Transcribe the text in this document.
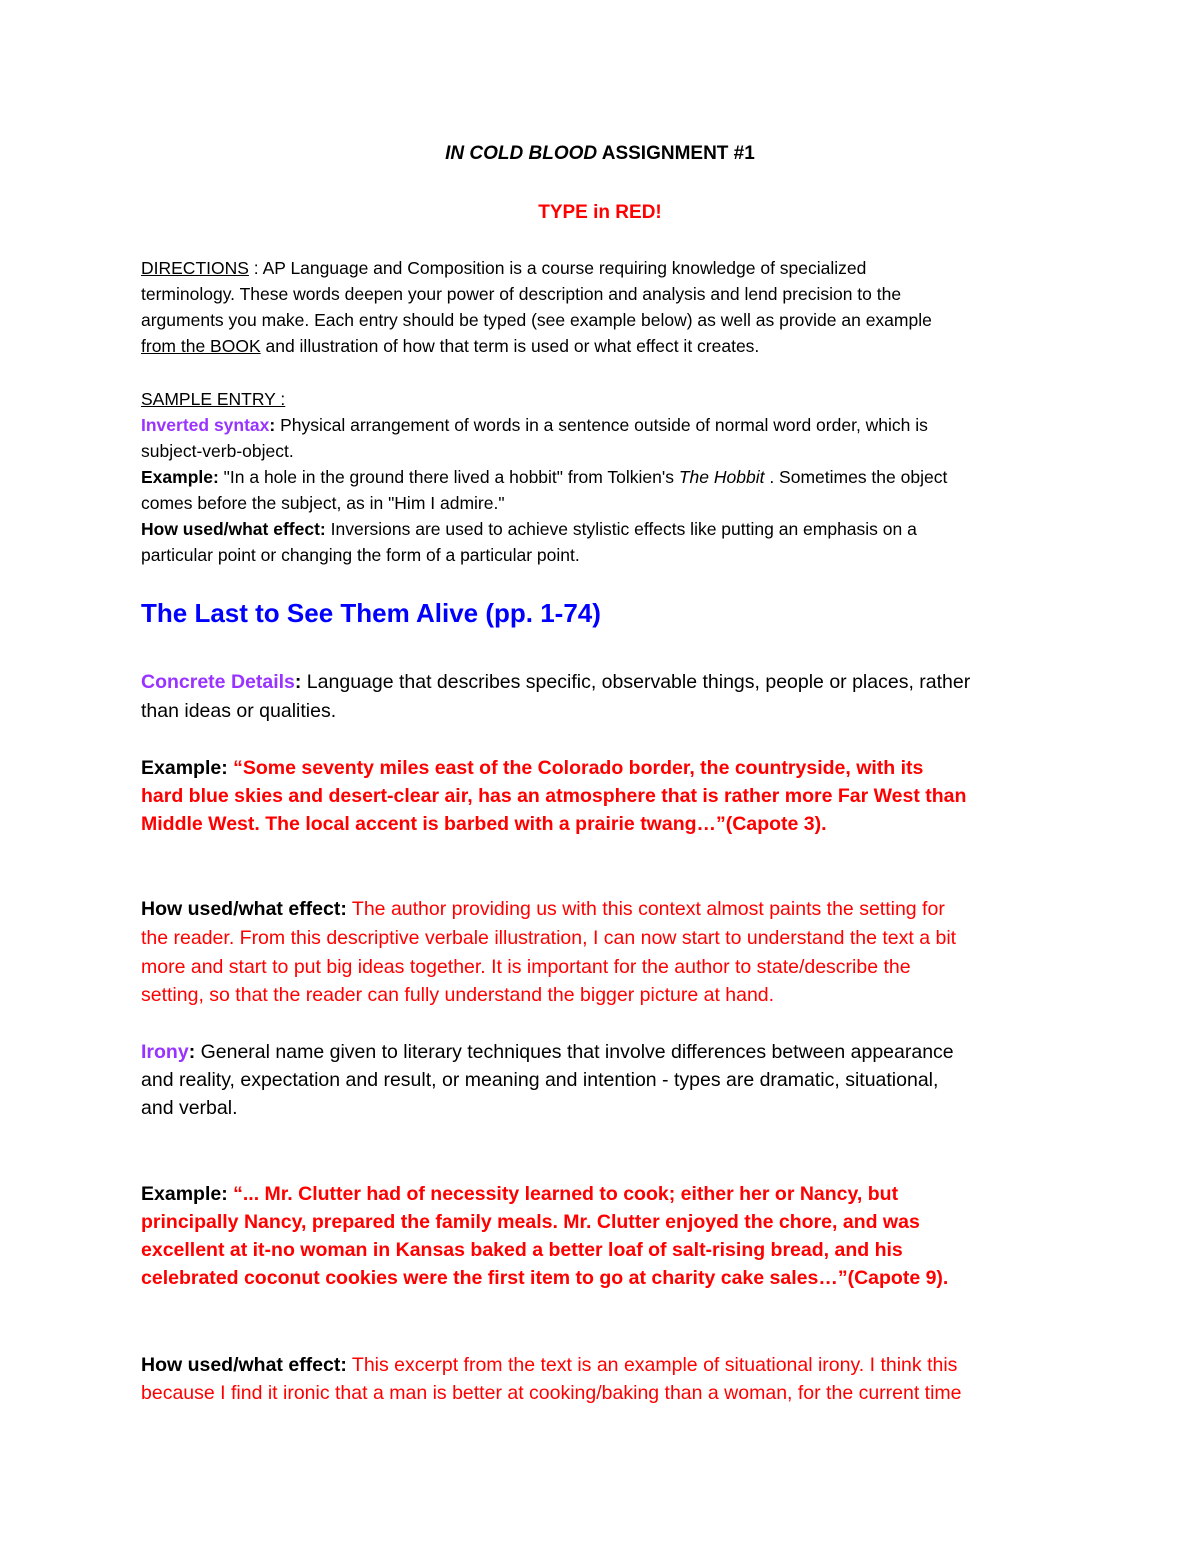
IN COLD BLOOD ASSIGNMENT #1
TYPE in RED!
DIRECTIONS : AP Language and Composition is a course requiring knowledge of specialized
terminology. These words deepen your power of description and analysis and lend precision to the
arguments you make. Each entry should be typed (see example below) as well as provide an example
from the BOOK and illustration of how that term is used or what effect it creates.
SAMPLE ENTRY :
Inverted syntax: Physical arrangement of words in a sentence outside of normal word order, which is
subject-verb-object.
Example: "In a hole in the ground there lived a hobbit" from Tolkien's The Hobbit . Sometimes the object
comes before the subject, as in "Him I admire."
How used/what effect: Inversions are used to achieve stylistic effects like putting an emphasis on a
particular point or changing the form of a particular point.
The Last to See Them Alive (pp. 1-74)
Concrete Details: Language that describes specific, observable things, people or places, rather
than ideas or qualities.
Example: “Some seventy miles east of the Colorado border, the countryside, with its
hard blue skies and desert-clear air, has an atmosphere that is rather more Far West than
Middle West. The local accent is barbed with a prairie twang…”(Capote 3).
How used/what effect: The author providing us with this context almost paints the setting for
the reader. From this descriptive verbale illustration, I can now start to understand the text a bit
more and start to put big ideas together. It is important for the author to state/describe the
setting, so that the reader can fully understand the bigger picture at hand.
Irony: General name given to literary techniques that involve differences between appearance
and reality, expectation and result, or meaning and intention - types are dramatic, situational,
and verbal.
Example: “... Mr. Clutter had of necessity learned to cook; either her or Nancy, but
principally Nancy, prepared the family meals. Mr. Clutter enjoyed the chore, and was
excellent at it-no woman in Kansas baked a better loaf of salt-rising bread, and his
celebrated coconut cookies were the first item to go at charity cake sales…”(Capote 9).
How used/what effect: This excerpt from the text is an example of situational irony. I think this
because I find it ironic that a man is better at cooking/baking than a woman, for the current time
